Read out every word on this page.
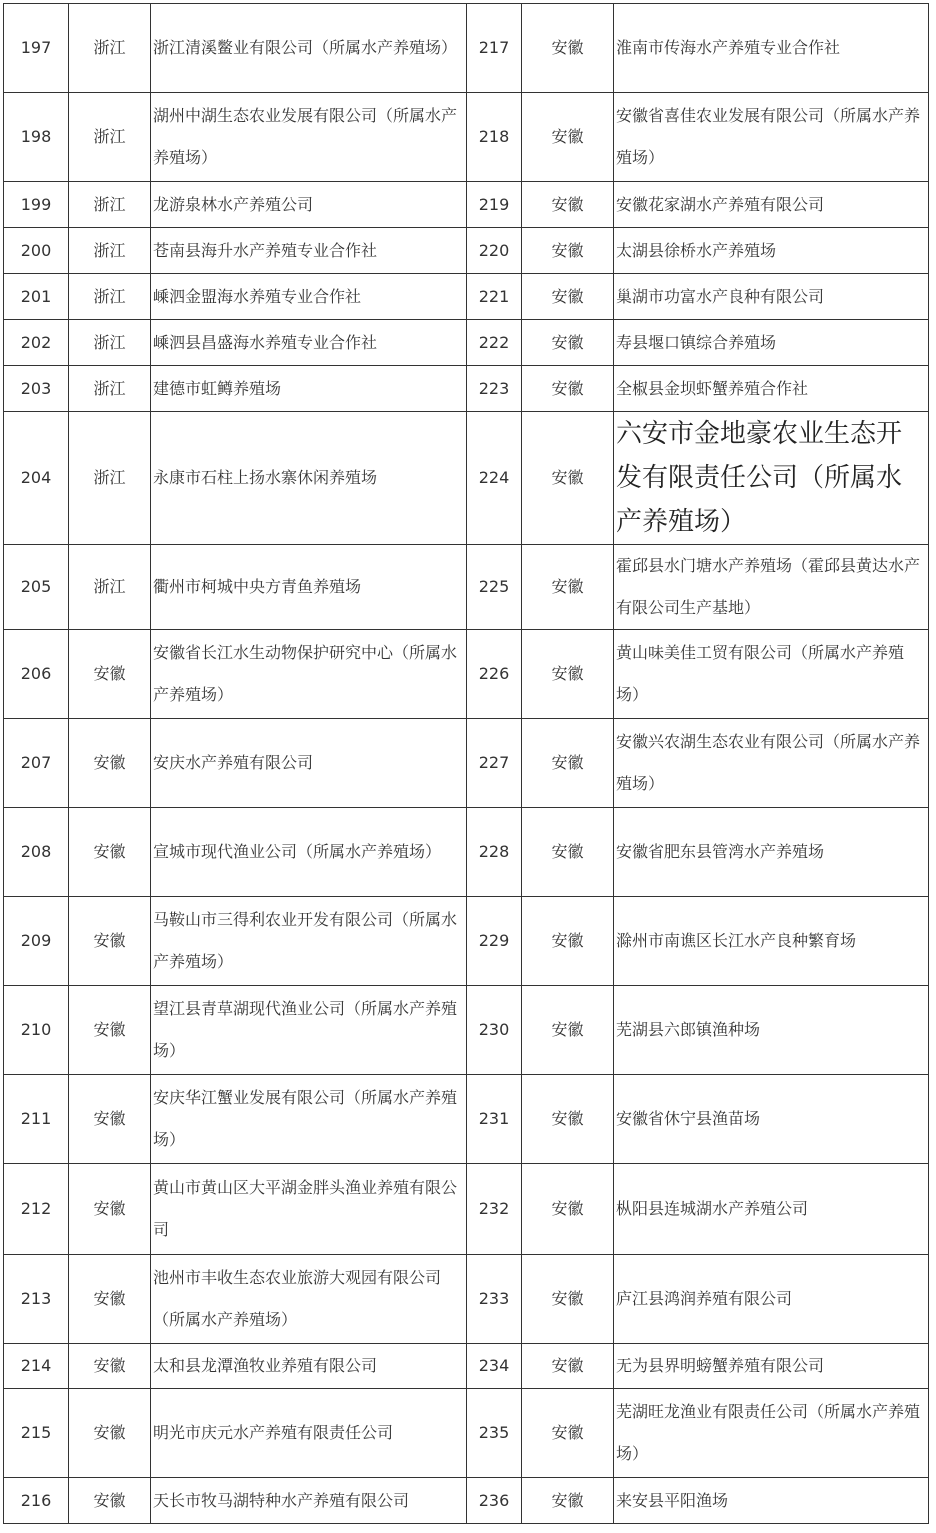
197	浙江	浙江清溪鳖业有限公司（所属水产养殖场）	217	安徽	淮南市传海水产养殖专业合作社
198	浙江	湖州中湖生态农业发展有限公司（所属水产养殖场）	218	安徽	安徽省喜佳农业发展有限公司（所属水产养殖场）
199	浙江	龙游泉林水产养殖公司	219	安徽	安徽花家湖水产养殖有限公司
200	浙江	苍南县海升水产养殖专业合作社	220	安徽	太湖县徐桥水产养殖场
201	浙江	嵊泗金盟海水养殖专业合作社	221	安徽	巢湖市功富水产良种有限公司
202	浙江	嵊泗县昌盛海水养殖专业合作社	222	安徽	寿县堰口镇综合养殖场
203	浙江	建德市虹鳟养殖场	223	安徽	全椒县金坝虾蟹养殖合作社
204	浙江	永康市石柱上扬水寨休闲养殖场	224	安徽	六安市金地豪农业生态开发有限责任公司（所属水产养殖场）
205	浙江	衢州市柯城中央方青鱼养殖场	225	安徽	霍邱县水门塘水产养殖场（霍邱县黄达水产有限公司生产基地）
206	安徽	安徽省长江水生动物保护研究中心（所属水产养殖场）	226	安徽	黄山味美佳工贸有限公司（所属水产养殖场）
207	安徽	安庆水产养殖有限公司	227	安徽	安徽兴农湖生态农业有限公司（所属水产养殖场）
208	安徽	宣城市现代渔业公司（所属水产养殖场）	228	安徽	安徽省肥东县管湾水产养殖场
209	安徽	马鞍山市三得利农业开发有限公司（所属水产养殖场）	229	安徽	滁州市南谯区长江水产良种繁育场
210	安徽	望江县青草湖现代渔业公司（所属水产养殖场）	230	安徽	芜湖县六郎镇渔种场
211	安徽	安庆华江蟹业发展有限公司（所属水产养殖场）	231	安徽	安徽省休宁县渔苗场
212	安徽	黄山市黄山区大平湖金胖头渔业养殖有限公司	232	安徽	枞阳县连城湖水产养殖公司
213	安徽	池州市丰收生态农业旅游大观园有限公司（所属水产养殖场）	233	安徽	庐江县鸿润养殖有限公司
214	安徽	太和县龙潭渔牧业养殖有限公司	234	安徽	无为县界明螃蟹养殖有限公司
215	安徽	明光市庆元水产养殖有限责任公司	235	安徽	芜湖旺龙渔业有限责任公司（所属水产养殖场）
216	安徽	天长市牧马湖特种水产养殖有限公司	236	安徽	来安县平阳渔场
